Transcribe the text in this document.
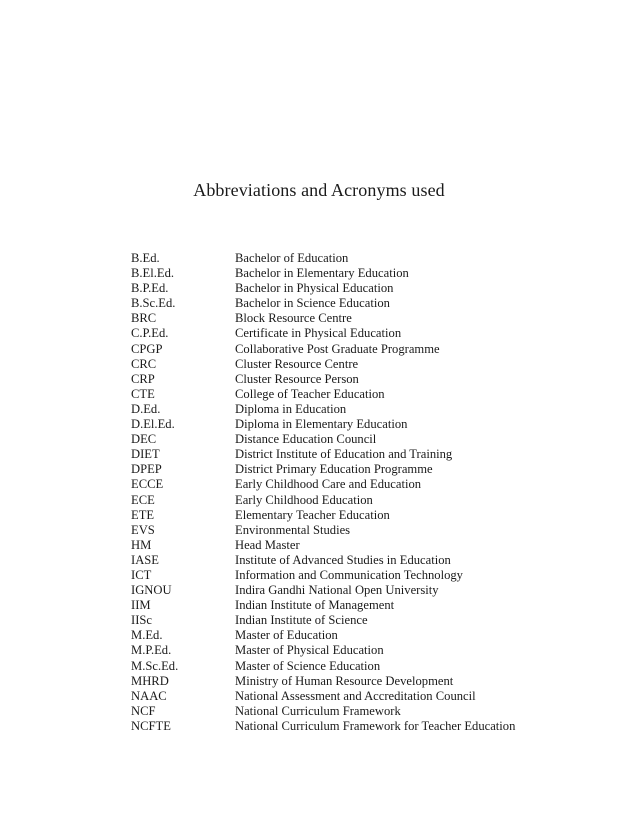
Abbreviations and Acronyms used
B.Ed.	Bachelor of Education
B.El.Ed.	Bachelor in Elementary Education
B.P.Ed.	Bachelor in Physical Education
B.Sc.Ed.	Bachelor in Science Education
BRC	Block Resource Centre
C.P.Ed.	Certificate in Physical Education
CPGP	Collaborative Post Graduate Programme
CRC	Cluster Resource Centre
CRP	Cluster Resource Person
CTE	College of Teacher Education
D.Ed.	Diploma in Education
D.El.Ed.	Diploma in Elementary Education
DEC	Distance Education Council
DIET	District Institute of Education and Training
DPEP	District Primary Education Programme
ECCE	Early Childhood Care and Education
ECE	Early Childhood Education
ETE	Elementary Teacher Education
EVS	Environmental Studies
HM	Head Master
IASE	Institute of Advanced Studies in Education
ICT	Information and Communication Technology
IGNOU	Indira Gandhi National Open University
IIM	Indian Institute of Management
IISc	Indian Institute of Science
M.Ed.	Master of Education
M.P.Ed.	Master of Physical Education
M.Sc.Ed.	Master of Science Education
MHRD	Ministry of Human Resource Development
NAAC	National Assessment and Accreditation Council
NCF	National Curriculum Framework
NCFTE	National Curriculum Framework for Teacher Education
